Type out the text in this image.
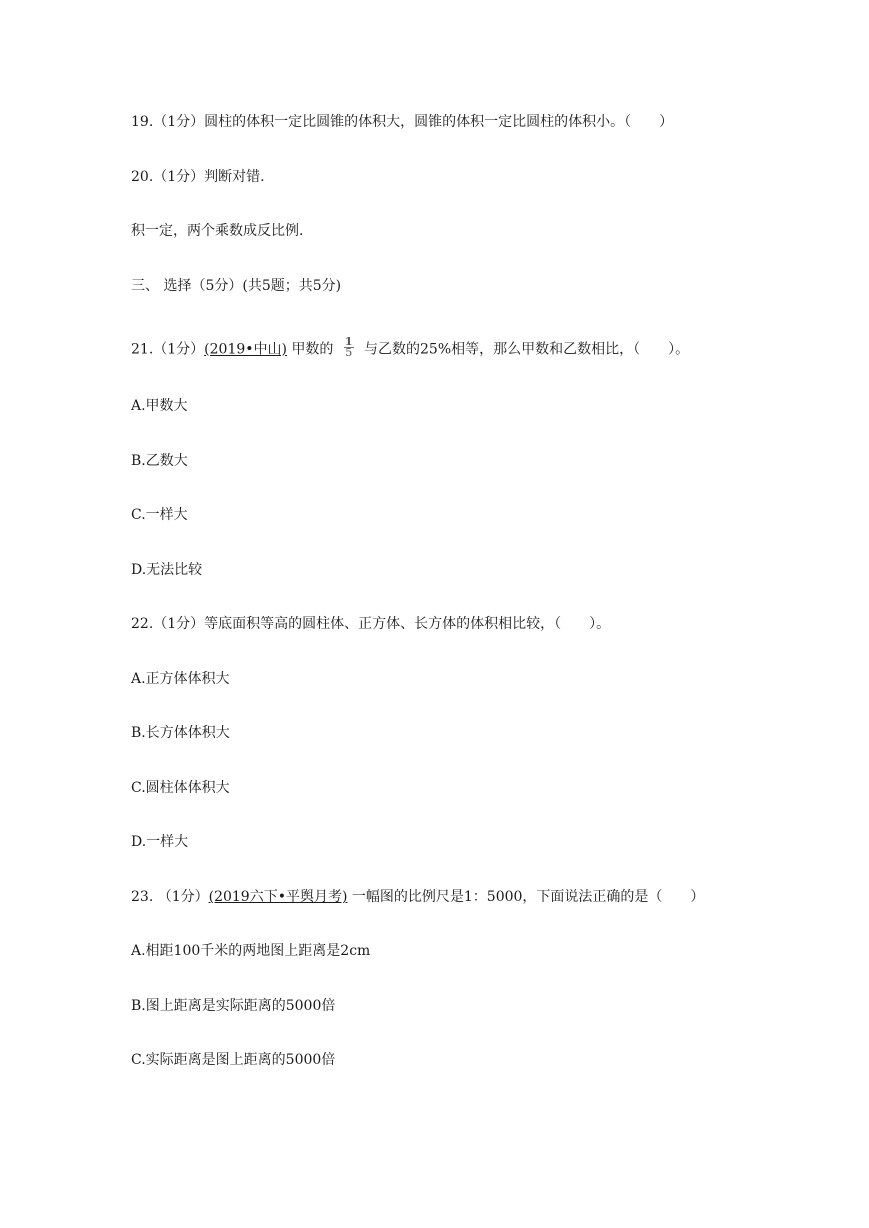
19.（1分）圆柱的体积一定比圆锥的体积大，圆锥的体积一定比圆柱的体积小。（　　）
20.（1分）判断对错.
积一定，两个乘数成反比例.
三、 选择（5分）(共5题；共5分)
21.（1分）(2019•中山) 甲数的 $\frac{1}{5}$ 与乙数的25%相等，那么甲数和乙数相比，（　　）。
A.甲数大
B.乙数大
C.一样大
D.无法比较
22.（1分）等底面积等高的圆柱体、正方体、长方体的体积相比较，（　　）。
A.正方体体积大
B.长方体体积大
C.圆柱体体积大
D.一样大
23. （1分）(2019六下•平舆月考) 一幅图的比例尺是1：5000，下面说法正确的是（　　）
A.相距100千米的两地图上距离是2cm
B.图上距离是实际距离的5000倍
C.实际距离是图上距离的5000倍
